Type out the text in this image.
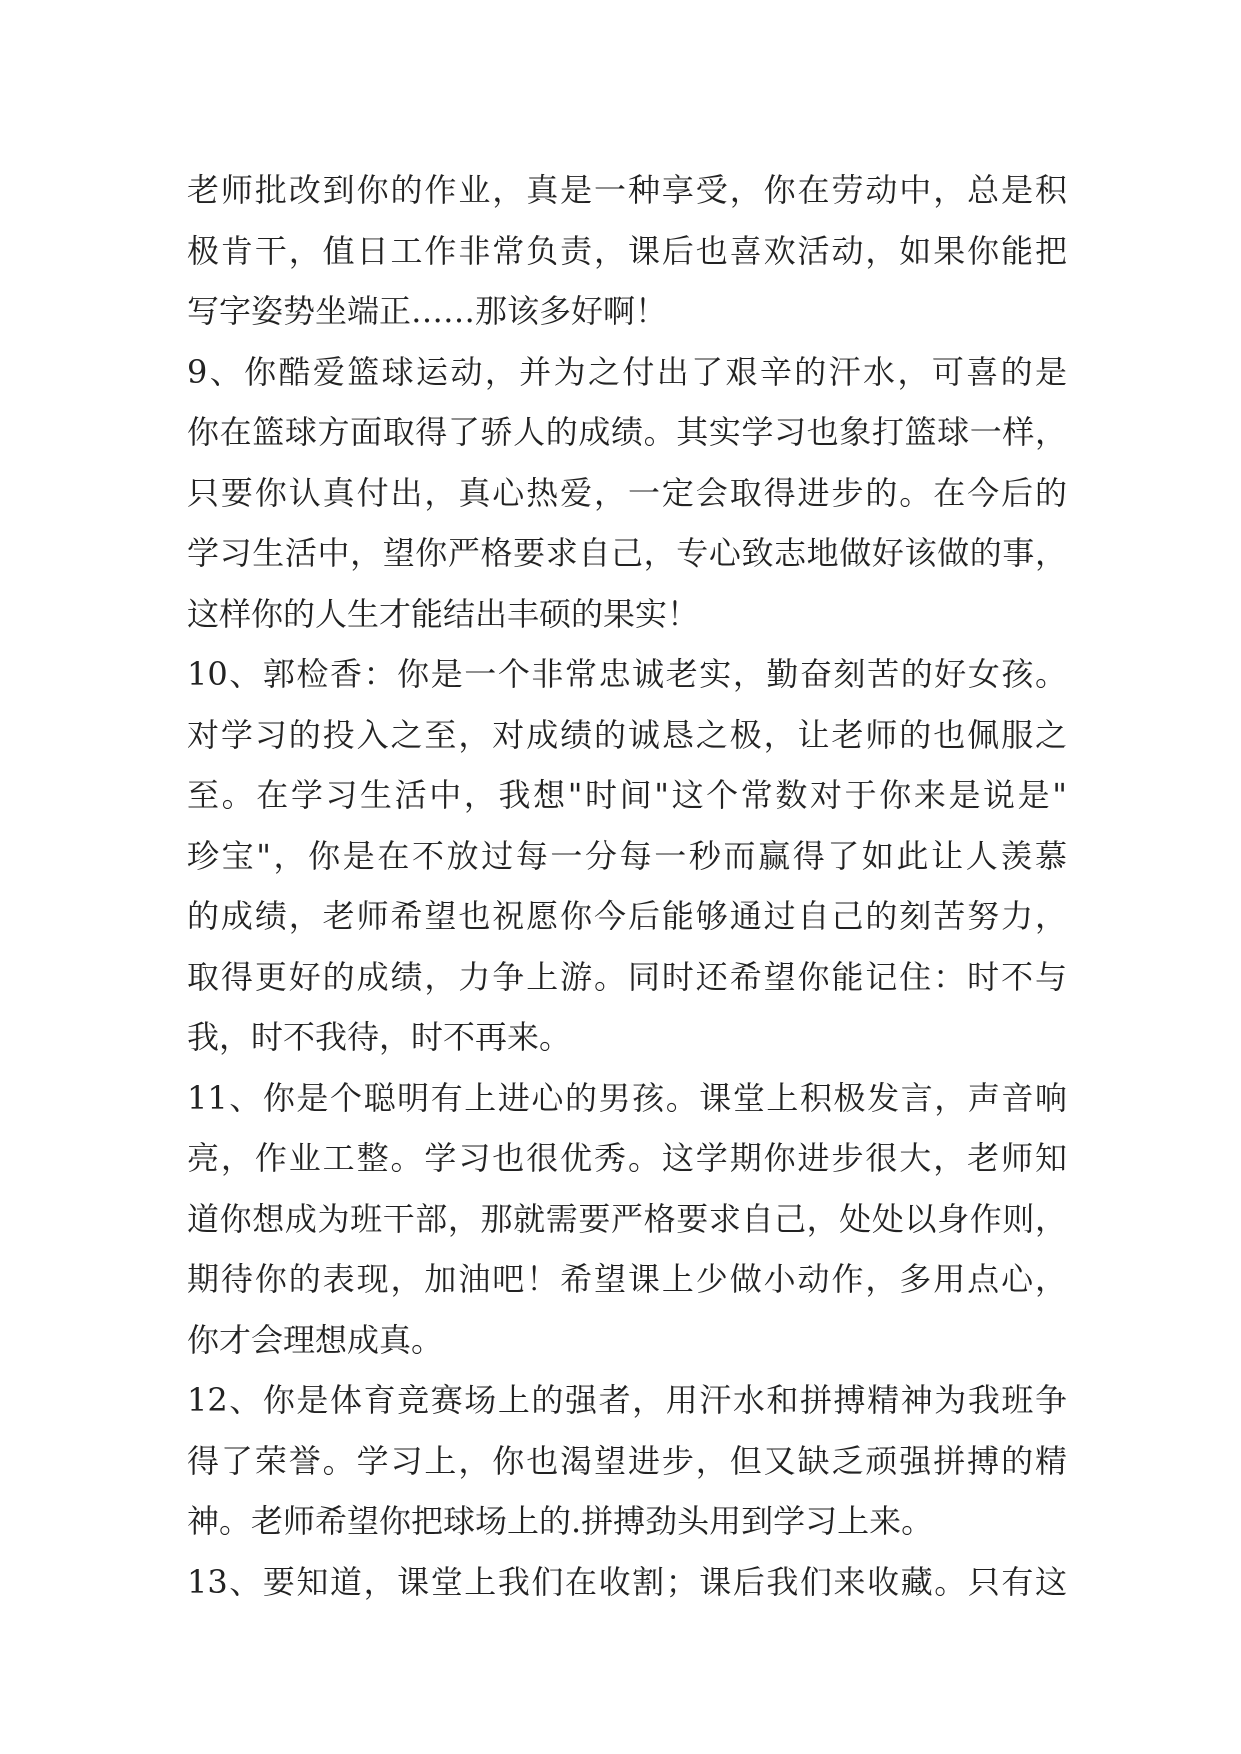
老师批改到你的作业，真是一种享受，你在劳动中，总是积
极肯干，值日工作非常负责，课后也喜欢活动，如果你能把
写字姿势坐端正……那该多好啊！
9、你酷爱篮球运动，并为之付出了艰辛的汗水，可喜的是
你在篮球方面取得了骄人的成绩。其实学习也象打篮球一样，
只要你认真付出，真心热爱，一定会取得进步的。在今后的
学习生活中，望你严格要求自己，专心致志地做好该做的事，
这样你的人生才能结出丰硕的果实！
10、郭检香：你是一个非常忠诚老实，勤奋刻苦的好女孩。
对学习的投入之至，对成绩的诚恳之极，让老师的也佩服之
至。在学习生活中，我想"时间"这个常数对于你来是说是"
珍宝"，你是在不放过每一分每一秒而赢得了如此让人羡慕
的成绩，老师希望也祝愿你今后能够通过自己的刻苦努力，
取得更好的成绩，力争上游。同时还希望你能记住：时不与
我，时不我待，时不再来。
11、你是个聪明有上进心的男孩。课堂上积极发言，声音响
亮，作业工整。学习也很优秀。这学期你进步很大，老师知
道你想成为班干部，那就需要严格要求自己，处处以身作则，
期待你的表现，加油吧！希望课上少做小动作，多用点心，
你才会理想成真。
12、你是体育竞赛场上的强者，用汗水和拼搏精神为我班争
得了荣誉。学习上，你也渴望进步，但又缺乏顽强拼搏的精
神。老师希望你把球场上的.拼搏劲头用到学习上来。
13、要知道，课堂上我们在收割；课后我们来收藏。只有这
